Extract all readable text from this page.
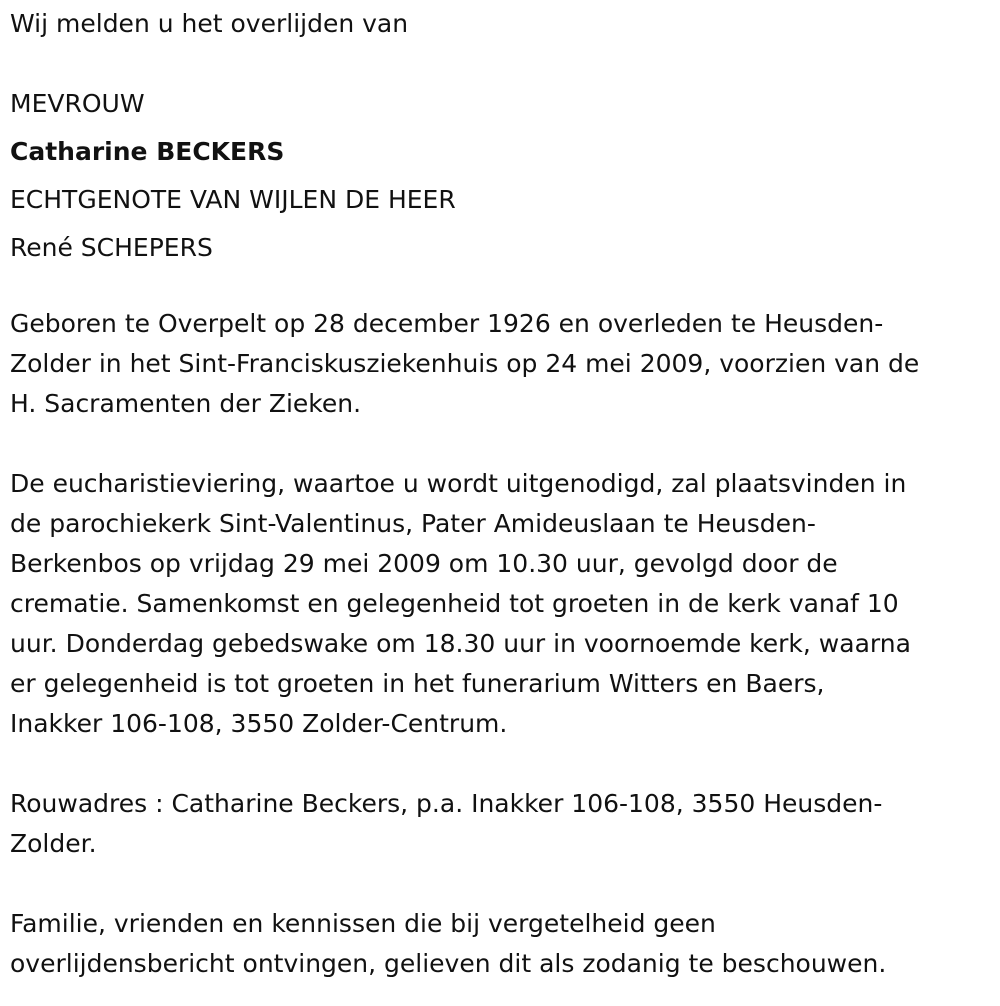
Wij melden u het overlijden van

MEVROUW

Catharine BECKERS

ECHTGENOTE VAN WIJLEN DE HEER

René SCHEPERS

Geboren te Overpelt op 28 december 1926 en overleden te Heusden-

Zolder in het Sint-Franciskusziekenhuis op 24 mei 2009, voorzien van de

H. Sacramenten der Zieken.

De eucharistieviering, waartoe u wordt uitgenodigd, zal plaatsvinden in

de parochiekerk Sint-Valentinus, Pater Amideuslaan te Heusden-

Berkenbos op vrijdag 29 mei 2009 om 10.30 uur, gevolgd door de

crematie. Samenkomst en gelegenheid tot groeten in de kerk vanaf 10

uur. Donderdag gebedswake om 18.30 uur in voornoemde kerk, waarna

er gelegenheid is tot groeten in het funerarium Witters en Baers,

Inakker 106-108, 3550 Zolder-Centrum.

Rouwadres : Catharine Beckers, p.a. Inakker 106-108, 3550 Heusden-

Zolder.

Familie, vrienden en kennissen die bij vergetelheid geen

overlijdensbericht ontvingen, gelieven dit als zodanig te beschouwen.
